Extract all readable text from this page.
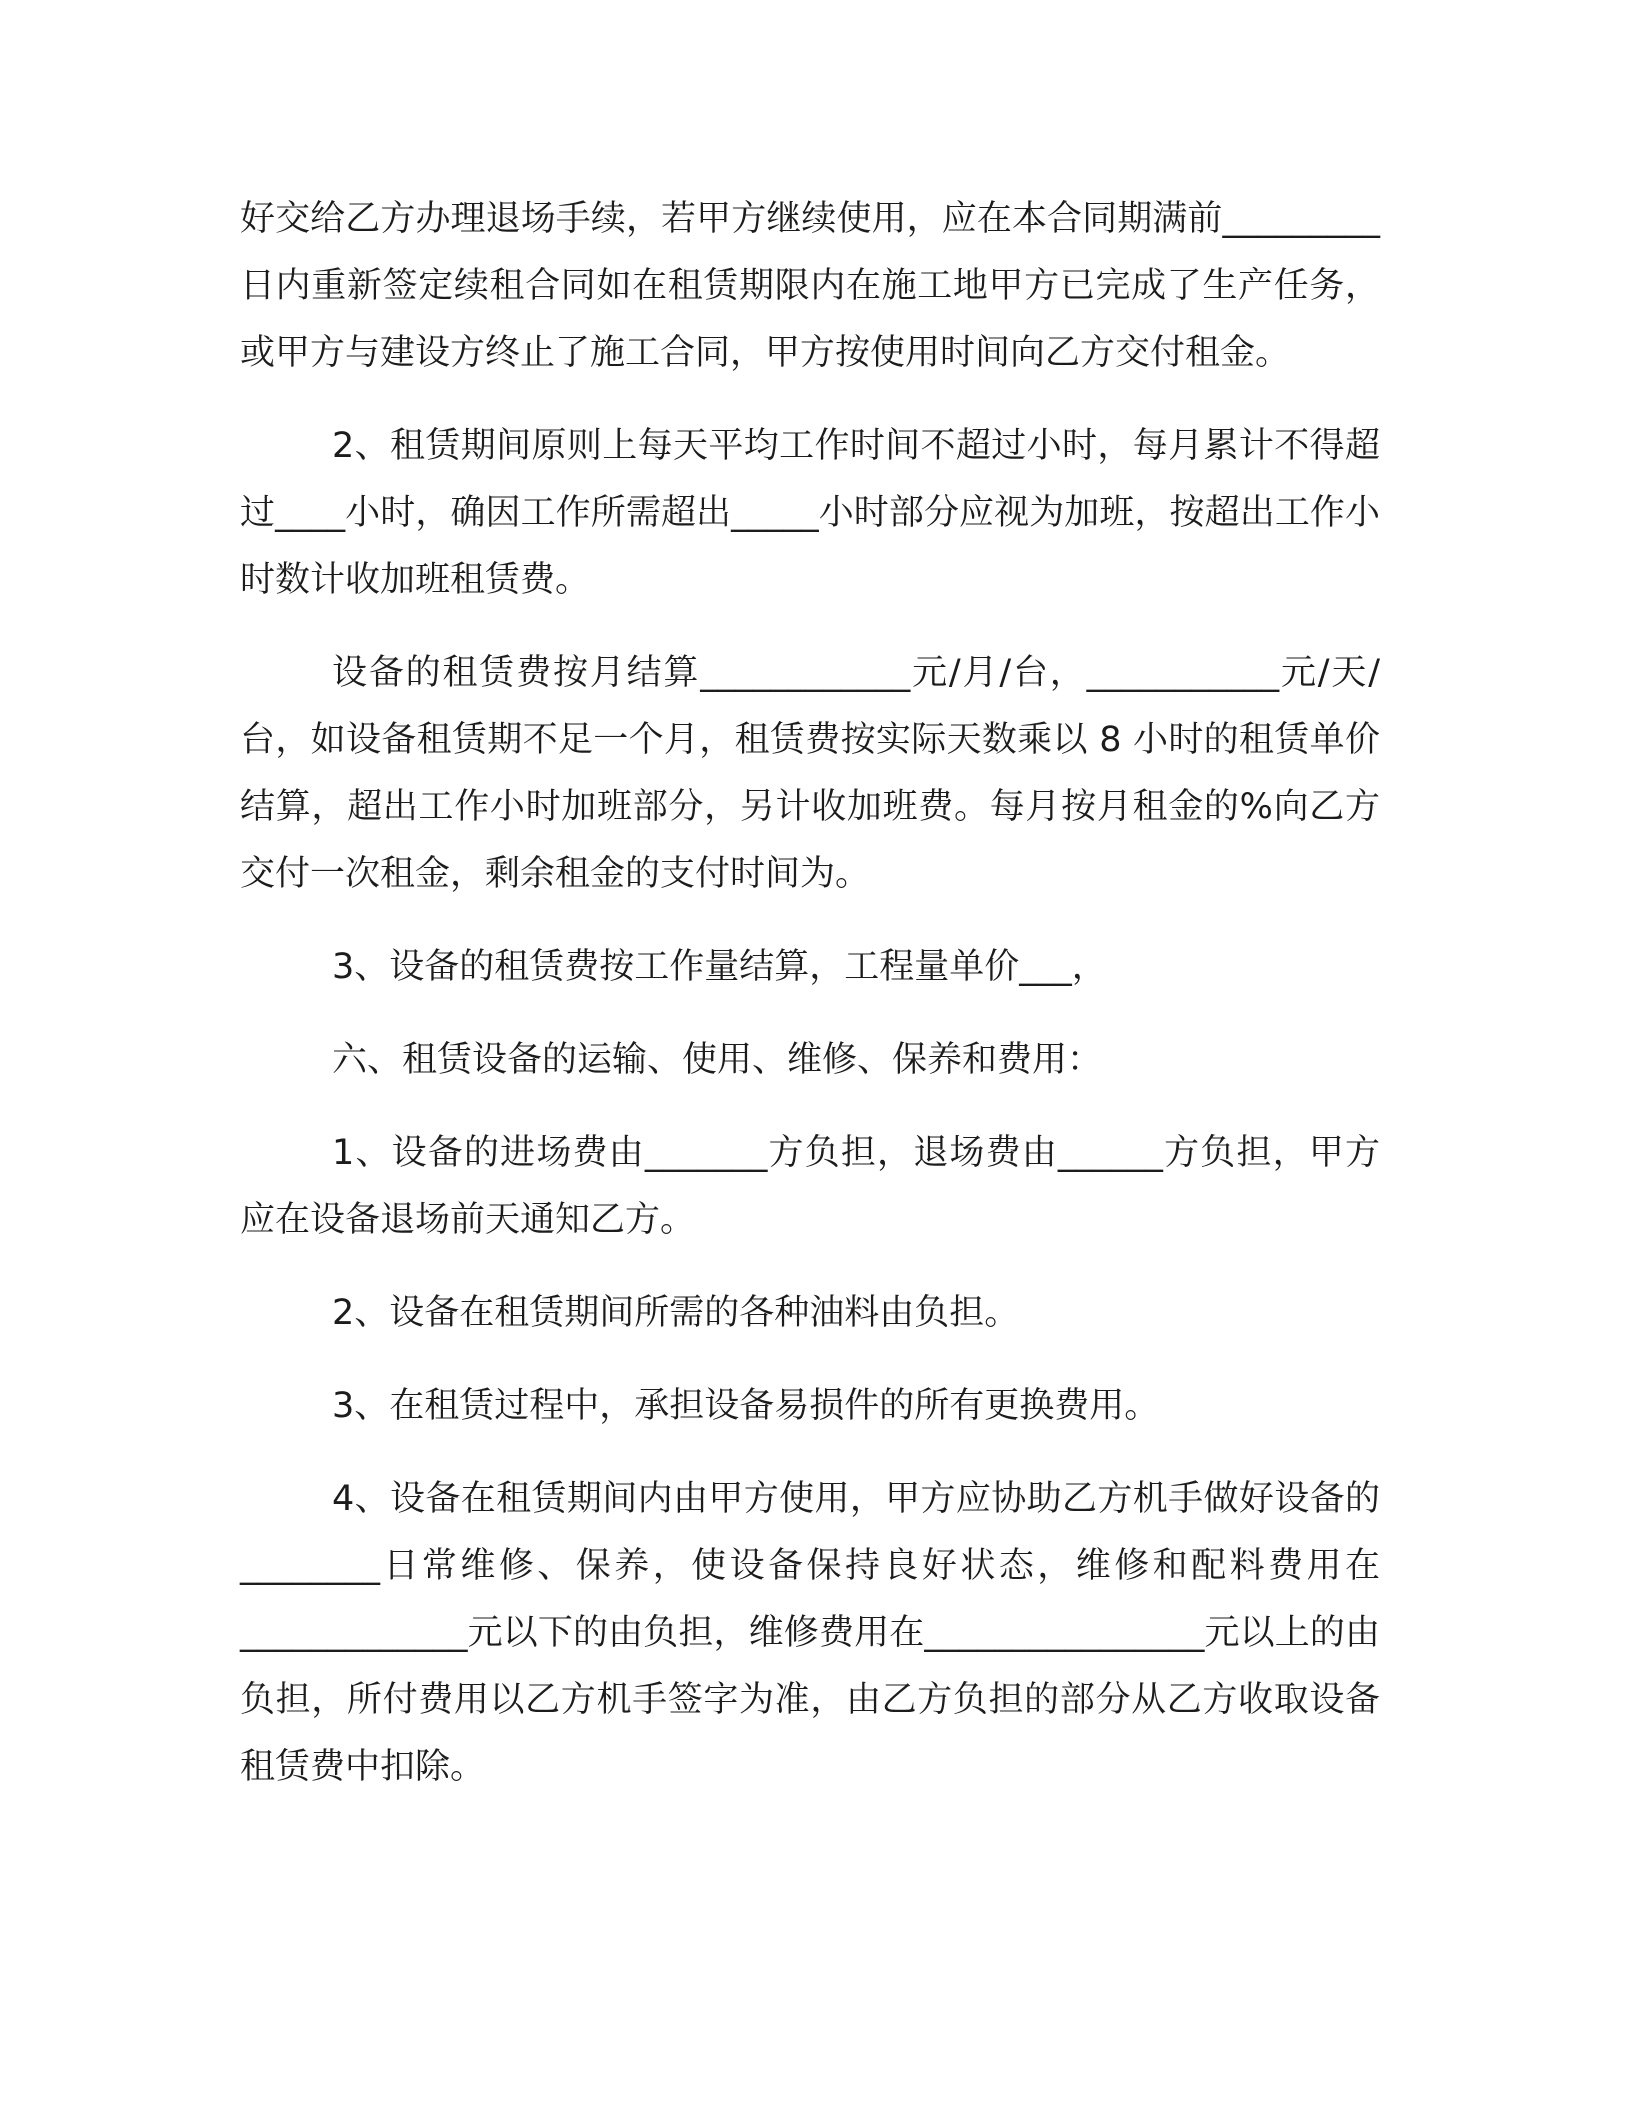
好交给乙方办理退场手续，若甲方继续使用，应在本合同期满前_________日内重新签定续租合同如在租赁期限内在施工地甲方已完成了生产任务，或甲方与建设方终止了施工合同，甲方按使用时间向乙方交付租金。

2、租赁期间原则上每天平均工作时间不超过小时，每月累计不得超过____小时，确因工作所需超出_____小时部分应视为加班，按超出工作小时数计收加班租赁费。

设备的租赁费按月结算____________元/月/台，___________元/天/台，如设备租赁期不足一个月，租赁费按实际天数乘以 8 小时的租赁单价结算，超出工作小时加班部分，另计收加班费。每月按月租金的%向乙方交付一次租金，剩余租金的支付时间为。

3、设备的租赁费按工作量结算，工程量单价___，

六、租赁设备的运输、使用、维修、保养和费用：

1、设备的进场费由_______方负担，退场费由______方负担，甲方应在设备退场前天通知乙方。

2、设备在租赁期间所需的各种油料由负担。

3、在租赁过程中，承担设备易损件的所有更换费用。

4、设备在租赁期间内由甲方使用，甲方应协助乙方机手做好设备的________日常维修、保养，使设备保持良好状态，维修和配料费用在_____________元以下的由负担，维修费用在________________元以上的由负担，所付费用以乙方机手签字为准，由乙方负担的部分从乙方收取设备租赁费中扣除。
